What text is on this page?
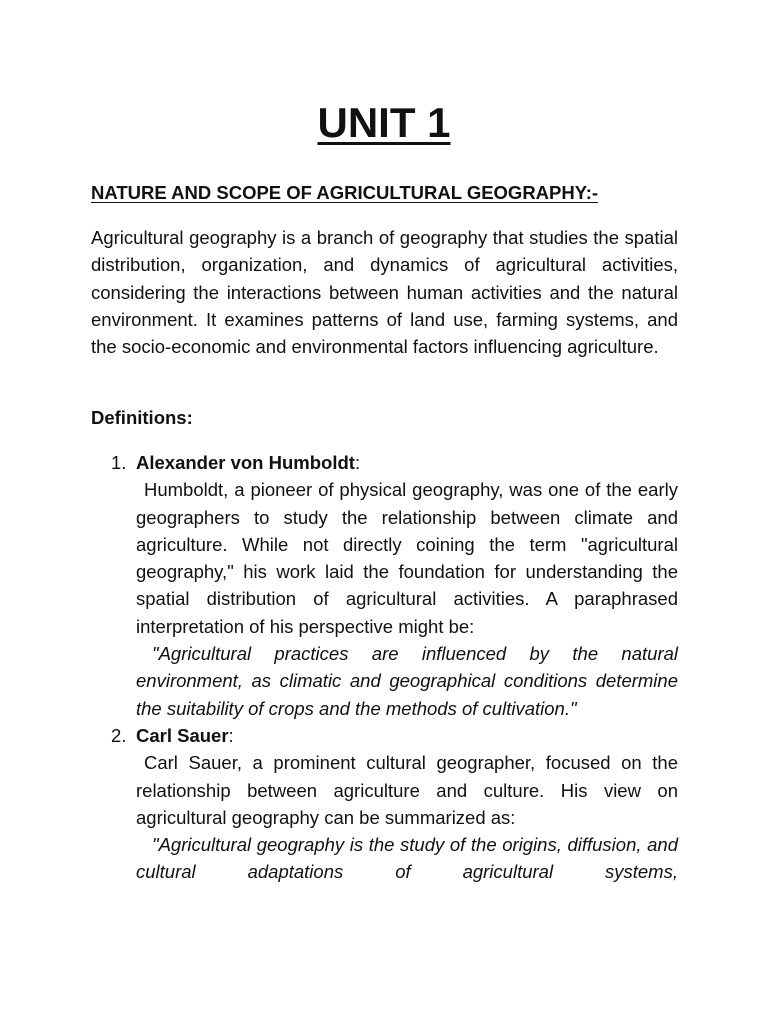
UNIT 1
NATURE AND SCOPE OF AGRICULTURAL GEOGRAPHY:-

Agricultural geography is a branch of geography that studies the spatial distribution, organization, and dynamics of agricultural activities, considering the interactions between human activities and the natural environment. It examines patterns of land use, farming systems, and the socio-economic and environmental factors influencing agriculture.

Definitions:
1. Alexander von Humboldt:
Humboldt, a pioneer of physical geography, was one of the early geographers to study the relationship between climate and agriculture. While not directly coining the term "agricultural geography," his work laid the foundation for understanding the spatial distribution of agricultural activities. A paraphrased interpretation of his perspective might be:
"Agricultural practices are influenced by the natural environment, as climatic and geographical conditions determine the suitability of crops and the methods of cultivation."
2. Carl Sauer:
Carl Sauer, a prominent cultural geographer, focused on the relationship between agriculture and culture. His view on agricultural geography can be summarized as:
"Agricultural geography is the study of the origins, diffusion, and cultural adaptations of agricultural systems,
